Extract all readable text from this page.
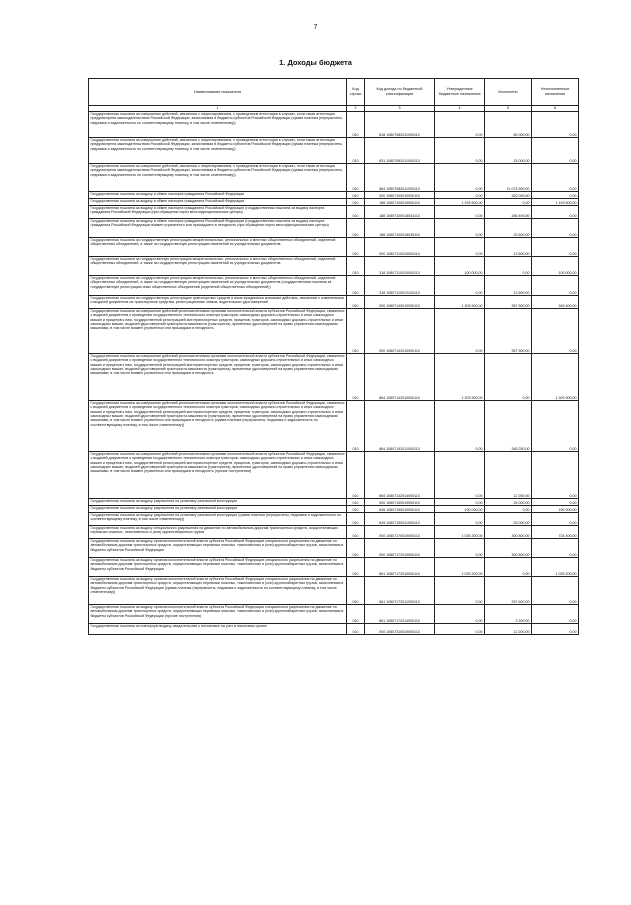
7
1. Доходы бюджета
Наименование показателя	Код строки	Код дохода по бюджетной классификации	Утвержденные бюджетные назначения	Исполнено	Неисполненные назначения
1	2	3	4	5	6
Государственная пошлина за совершение действий, связанных с лицензированием, с проведением аттестации в случаях, если такая аттестация предусмотрена законодательством Российской Федерации, зачисляемая в бюджеты субъектов Российской Федерации (сумма платежа (перерасчеты, недоимка и задолженность по соответствующему платежу, в том числе отмененному))	010	818 10807082011000110	0,00	80 000,00	0,00
Государственная пошлина за совершение действий, связанных с лицензированием, с проведением аттестации в случаях, если такая аттестация предусмотрена законодательством Российской Федерации, зачисляемая в бюджеты субъектов Российской Федерации (сумма платежа (перерасчеты, недоимка и задолженность по соответствующему платежу, в том числе отмененному))	010	831 10807082011000110	0,00	15 000,00	0,00
Государственная пошлина за совершение действий, связанных с лицензированием, с проведением аттестации в случаях, если такая аттестация предусмотрена законодательством Российской Федерации, зачисляемая в бюджеты субъектов Российской Федерации (сумма платежа (перерасчеты, недоимка и задолженность по соответствующему платежу, в том числе отмененному))	010	864 10807082011000110	0,00	11 074 500,00	0,00
Государственная пошлина за выдачу и обмен паспорта гражданина Российской Федерации	010	000 10807100010000110	0,00	320 093,50	0,00
Государственная пошлина за выдачу и обмен паспорта гражданина Российской Федерации	010	188 10807100010000110	1 193 600,00	0,00	1 193 600,00
Государственная пошлина за выдачу и обмен паспорта гражданина Российской Федерации (государственная пошлина за выдачу паспорта гражданина Российской Федерации (при обращении через многофункциональные центры)	010	188 10807100018034110	0,00	286 493,50	0,00
Государственная пошлина за выдачу и обмен паспорта гражданина Российской Федерации (государственная пошлина за выдачу паспорта гражданина Российской Федерации взамен утраченного или пришедшего в негодность (при обращении через многофункциональные центры)	010	188 10807100018035110	0,00	33 600,00	0,00
Государственная пошлина за государственную регистрацию межрегиональных, региональных и местных общественных объединений, отделений общественных объединений, а также за государственную регистрацию изменений их учредительных документов	010	000 10807110010000110	0,00	13 600,00	0,00
Государственная пошлина за государственную регистрацию межрегиональных, региональных и местных общественных объединений, отделений общественных объединений, а также за государственную регистрацию изменений их учредительных документов	010	318 10807110010000110	100 000,00	0,00	100 000,00
Государственная пошлина за государственную регистрацию межрегиональных, региональных и местных общественных объединений, отделений общественных объединений, а также за государственную регистрацию изменений их учредительных документов (государственная пошлина за государственную регистрацию иных общественных объединений (отделений общественных объединений))	010	318 10807110012103110	0,00	13 600,00	0,00
Государственная пошлина за государственную регистрацию транспортных средств и иные юридически значимые действия, связанные с изменениями и выдачей документов на транспортные средства, регистрационных знаков, водительских удостоверений	010	000 10807140010000110	1 303 900,00	357 500,00	946 400,00
Государственная пошлина за совершение действий уполномоченными органами исполнительной власти субъектов Российской Федерации, связанных с выдачей документов о проведении государственного технического осмотра тракторов, самоходных дорожно-строительных и иных самоходных машин и прицепов к ним, государственной регистрацией мототранспортных средств, прицепов, тракторов, самоходных дорожно-строительных и иных самоходных машин, выдачей удостоверений тракториста-машиниста (тракториста), временных удостоверений на право управления самоходными машинами, в том числе взамен утраченных или пришедших в негодность	010	000 10807142010000110	0,00	357 500,00	0,00
Государственная пошлина за совершение действий уполномоченными органами исполнительной власти субъектов Российской Федерации, связанных с выдачей документов о проведении государственного технического осмотра тракторов, самоходных дорожно-строительных и иных самоходных машин и прицепов к ним, государственной регистрацией мототранспортных средств, прицепов, тракторов, самоходных дорожно-строительных и иных самоходных машин, выдачей удостоверений тракториста-машиниста (тракториста), временных удостоверений на право управления самоходными машинами, в том числе взамен утраченных или пришедших в негодность	010	864 10807142010000110	1 303 900,00	0,00	1 303 900,00
Государственная пошлина за совершение действий уполномоченными органами исполнительной власти субъектов Российской Федерации, связанных с выдачей документов о проведении государственного технического осмотра тракторов, самоходных дорожно-строительных и иных самоходных машин и прицепов к ним, государственной регистрацией мототранспортных средств, прицепов, тракторов, самоходных дорожно-строительных и иных самоходных машин, выдачей удостоверений тракториста-машиниста (тракториста), временных удостоверений на право управления самоходными машинами, в том числе взамен утраченных или пришедших в негодность (сумма платежа (перерасчеты, недоимка и задолженность по соответствующему платежу, в том числе отмененному))	010	864 10807142011000110	0,00	345 250,00	0,00
Государственная пошлина за совершение действий уполномоченными органами исполнительной власти субъектов Российской Федерации, связанных с выдачей документов о проведении государственного технического осмотра тракторов, самоходных дорожно-строительных и иных самоходных машин и прицепов к ним, государственной регистрацией мототранспортных средств, прицепов, тракторов, самоходных дорожно-строительных и иных самоходных машин, выдачей удостоверений тракториста-машиниста (тракториста), временных удостоверений на право управления самоходными машинами, в том числе взамен утраченных или пришедших в негодность (прочие поступления)	010	864 10807142014000110	0,00	12 250,00	0,00
Государственная пошлина за выдачу разрешения на установку рекламной конструкции	010	000 10807150010000110	0,00	25 000,00	0,00
Государственная пошлина за выдачу разрешения на установку рекламной конструкции	010	845 10807150010000110	190 000,00	0,00	190 000,00
Государственная пошлина за выдачу разрешения на установку рекламной конструкции (сумма платежа (перерасчеты, недоимка и задолженность по соответствующему платежу, в том числе отмененному))	010	845 10807150011000110	0,00	25 000,00	0,00
Государственная пошлина за выдачу специального разрешения на движение по автомобильным дорогам транспортных средств, осуществляющих перевозки опасных, тяжеловесных и (или) крупногабаритных грузов	010	000 10807170010000110	1 025 200,00	300 800,00	724 400,00
Государственная пошлина за выдачу органом исполнительной власти субъекта Российской Федерации специального разрешения на движение по автомобильным дорогам транспортных средств, осуществляющих перевозки опасных, тяжеловесных и (или) крупногабаритных грузов, зачисляемая в бюджеты субъектов Российской Федерации	010	000 10807172010000110	0,00	300 800,00	0,00
Государственная пошлина за выдачу органом исполнительной власти субъекта Российской Федерации специального разрешения на движение по автомобильным дорогам транспортных средств, осуществляющих перевозки опасных, тяжеловесных и (или) крупногабаритных грузов, зачисляемая в бюджеты субъектов Российской Федерации	010	861 10807172010000110	1 025 200,00	0,00	1 025 200,00
Государственная пошлина за выдачу органом исполнительной власти субъекта Российской Федерации специального разрешения на движение по автомобильным дорогам транспортных средств, осуществляющих перевозки опасных, тяжеловесных и (или) крупногабаритных грузов, зачисляемая в бюджеты субъектов Российской Федерации (сумма платежа (перерасчеты, недоимка и задолженность по соответствующему платежу, в том числе отмененному))	010	861 10807172011000110	0,00	297 600,00	0,00
Государственная пошлина за выдачу органом исполнительной власти субъекта Российской Федерации специального разрешения на движение по автомобильным дорогам транспортных средств, осуществляющих перевозки опасных, тяжеловесных и (или) крупногабаритных грузов, зачисляемая в бюджеты субъектов Российской Федерации (прочие поступления)	010	861 10807172014000110	0,00	3 200,00	0,00
Государственная пошлина за повторную выдачу свидетельства о постановке на учет в налоговом органе	010	000 10807310010000110	0,00	12 200,00	0,00
